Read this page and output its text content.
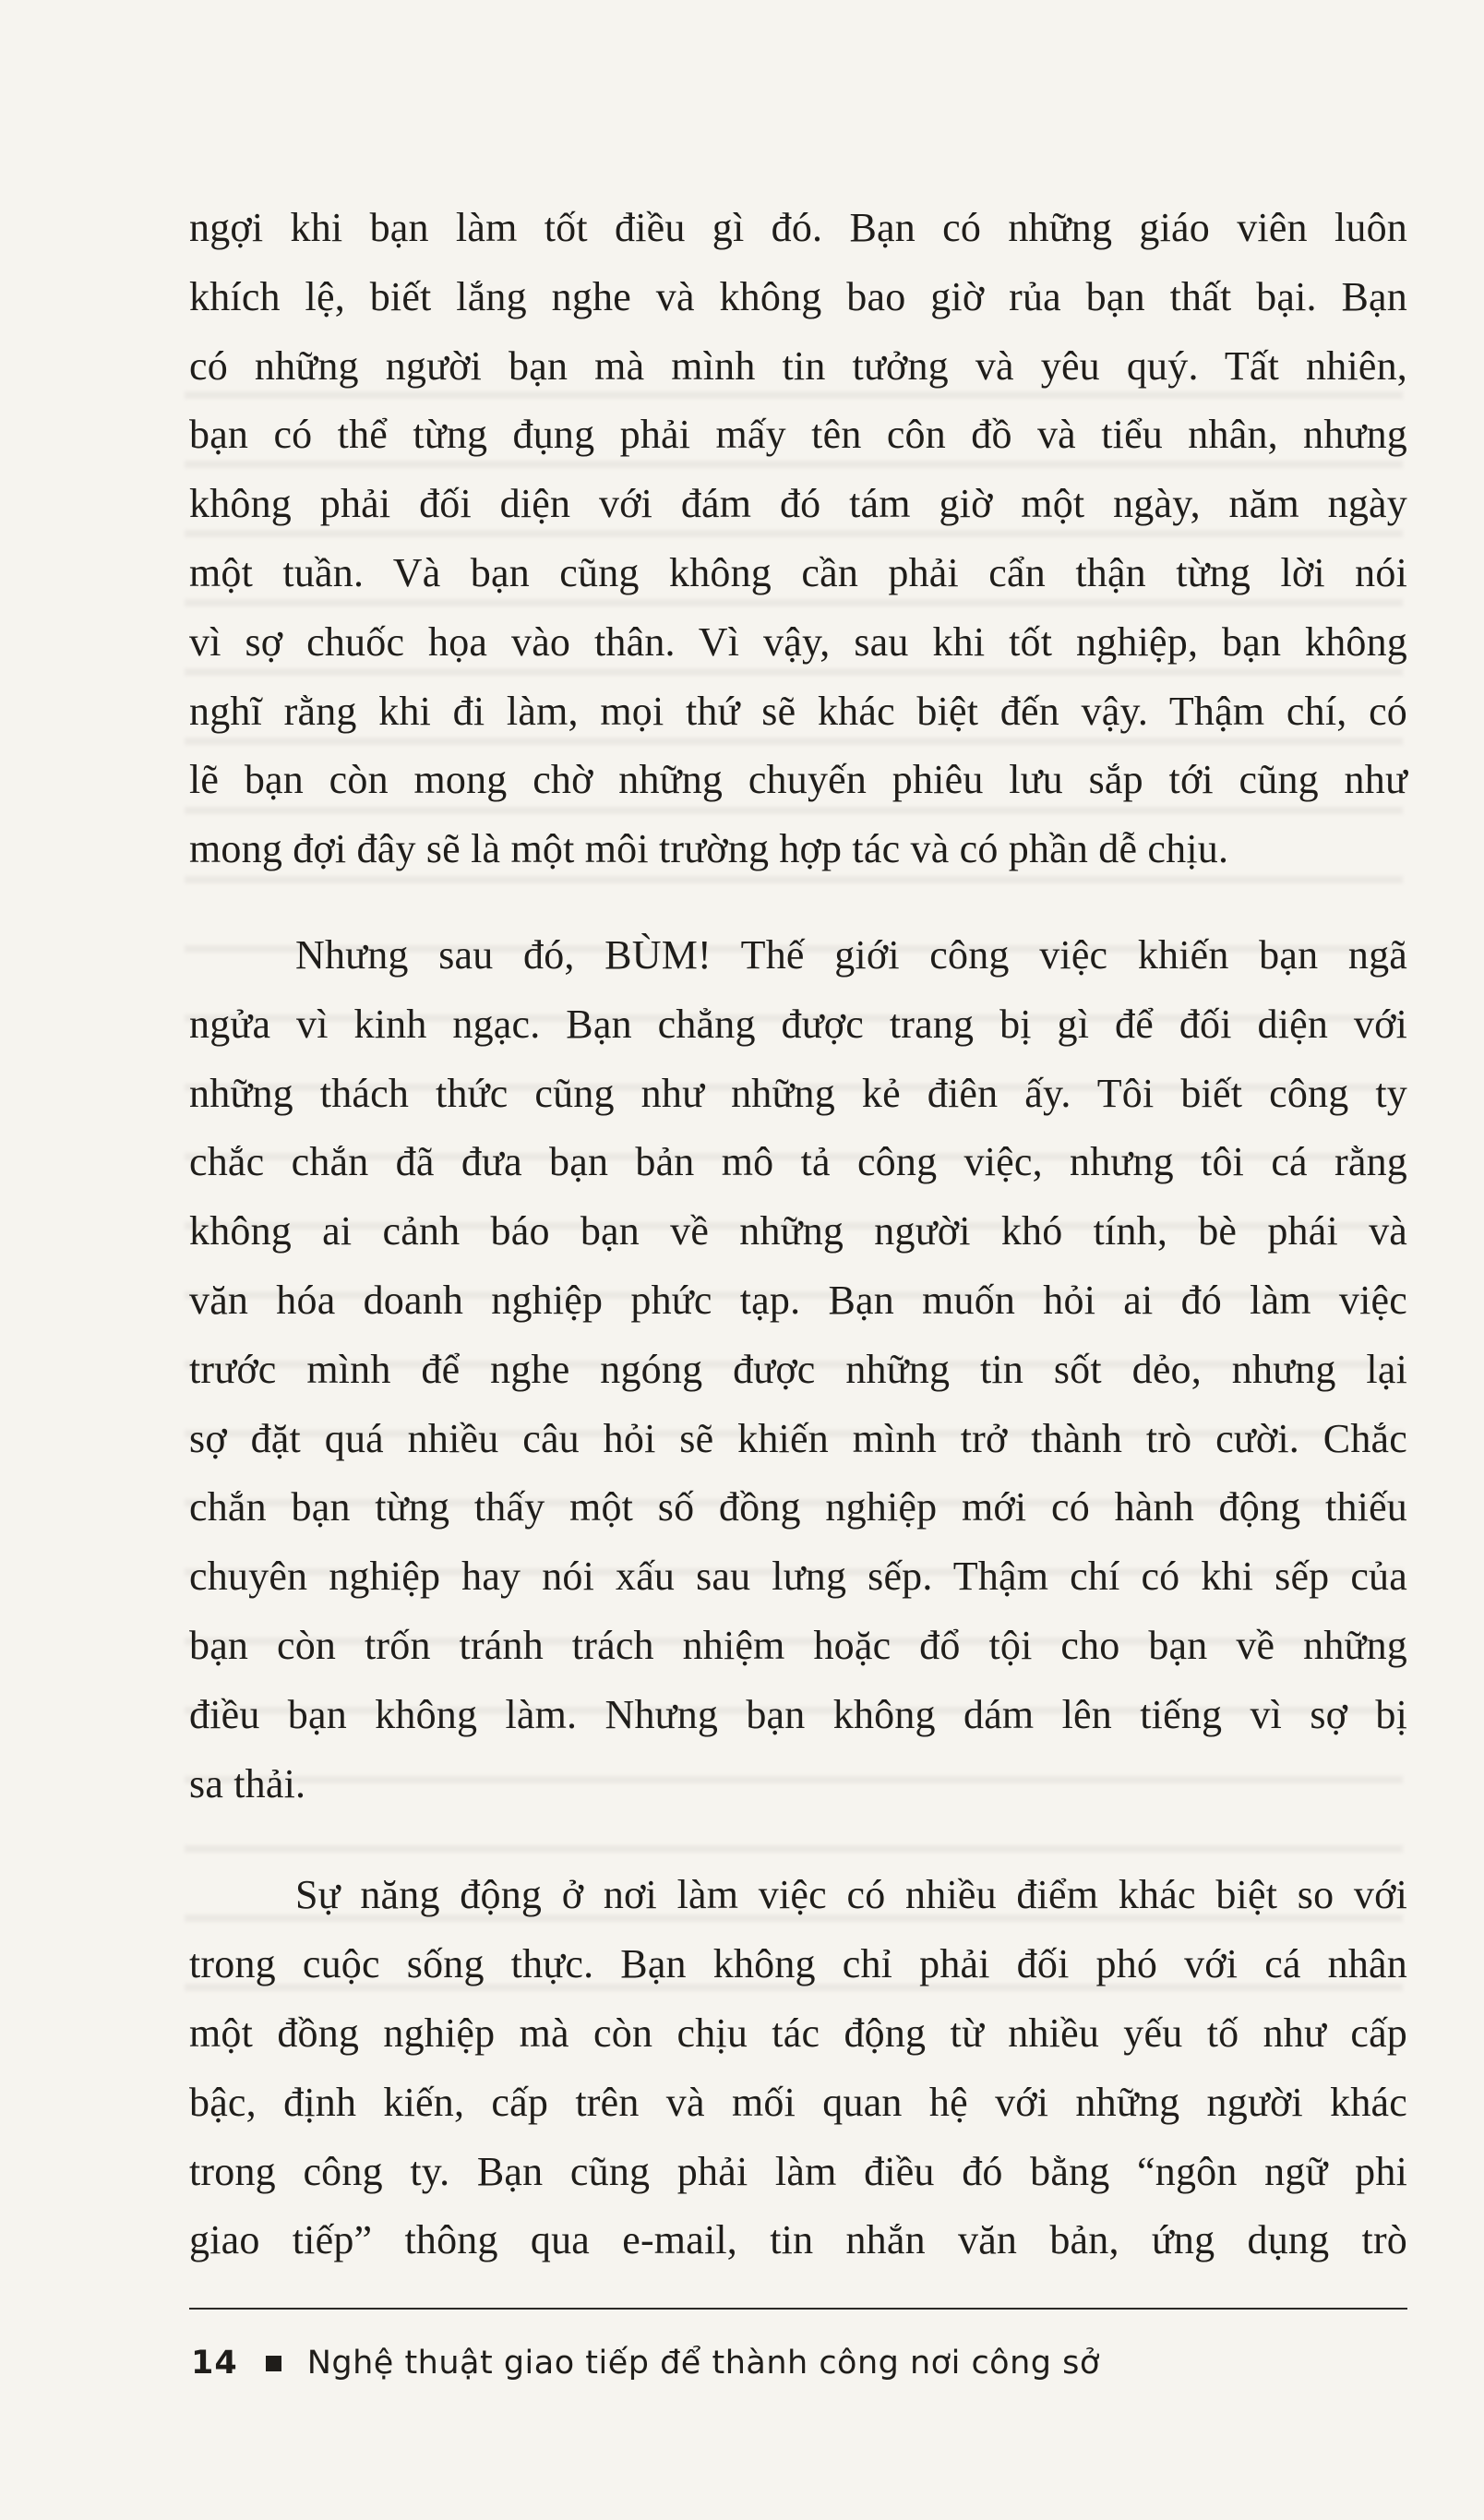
ngợi khi bạn làm tốt điều gì đó. Bạn có những giáo viên luôn
khích lệ, biết lắng nghe và không bao giờ rủa bạn thất bại. Bạn
có những người bạn mà mình tin tưởng và yêu quý. Tất nhiên,
bạn có thể từng đụng phải mấy tên côn đồ và tiểu nhân, nhưng
không phải đối diện với đám đó tám giờ một ngày, năm ngày
một tuần. Và bạn cũng không cần phải cẩn thận từng lời nói
vì sợ chuốc họa vào thân. Vì vậy, sau khi tốt nghiệp, bạn không
nghĩ rằng khi đi làm, mọi thứ sẽ khác biệt đến vậy. Thậm chí, có
lẽ bạn còn mong chờ những chuyến phiêu lưu sắp tới cũng như
mong đợi đây sẽ là một môi trường hợp tác và có phần dễ chịu.
Nhưng sau đó, BÙM! Thế giới công việc khiến bạn ngã
ngửa vì kinh ngạc. Bạn chẳng được trang bị gì để đối diện với
những thách thức cũng như những kẻ điên ấy. Tôi biết công ty
chắc chắn đã đưa bạn bản mô tả công việc, nhưng tôi cá rằng
không ai cảnh báo bạn về những người khó tính, bè phái và
văn hóa doanh nghiệp phức tạp. Bạn muốn hỏi ai đó làm việc
trước mình để nghe ngóng được những tin sốt dẻo, nhưng lại
sợ đặt quá nhiều câu hỏi sẽ khiến mình trở thành trò cười. Chắc
chắn bạn từng thấy một số đồng nghiệp mới có hành động thiếu
chuyên nghiệp hay nói xấu sau lưng sếp. Thậm chí có khi sếp của
bạn còn trốn tránh trách nhiệm hoặc đổ tội cho bạn về những
điều bạn không làm. Nhưng bạn không dám lên tiếng vì sợ bị
sa thải.
Sự năng động ở nơi làm việc có nhiều điểm khác biệt so với
trong cuộc sống thực. Bạn không chỉ phải đối phó với cá nhân
một đồng nghiệp mà còn chịu tác động từ nhiều yếu tố như cấp
bậc, định kiến, cấp trên và mối quan hệ với những người khác
trong công ty. Bạn cũng phải làm điều đó bằng “ngôn ngữ phi
giao tiếp” thông qua e-mail, tin nhắn văn bản, ứng dụng trò
14 Nghệ thuật giao tiếp để thành công nơi công sở
